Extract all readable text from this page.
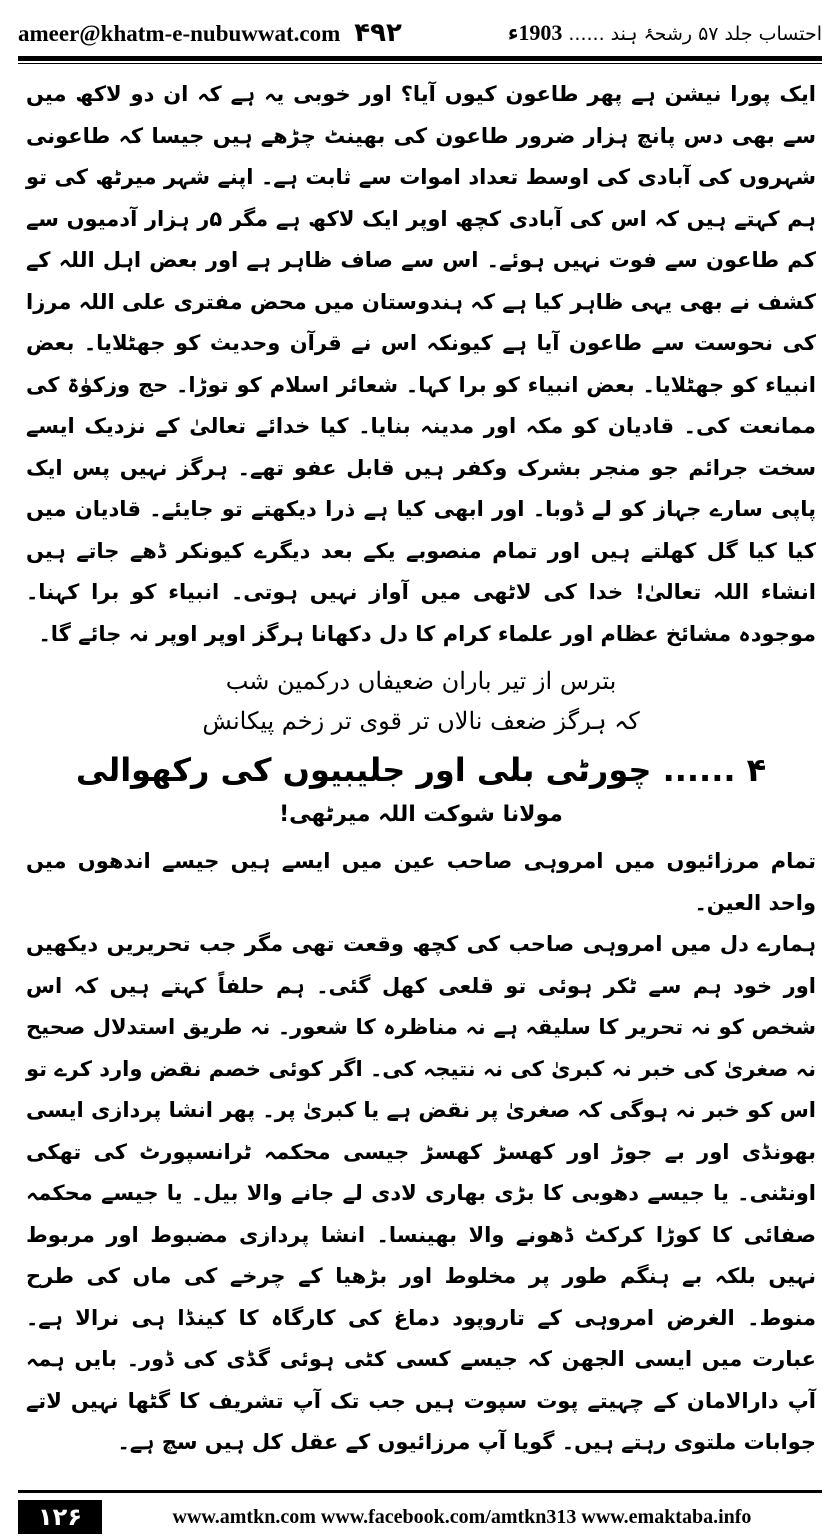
ameer@khatm-e-nubuwwat.com ۴۹۲	احتساب جلد ۵۷ رشحۂ ہند ......
1903ء

ایک پورا نیشن ہے پھر طاعون کیوں آیا؟ اور خوبی یہ ہے کہ ان دو لاکھ میں سے بھی دس پانچ ہزار ضرور طاعون کی بھینٹ چڑھے ہیں جیسا کہ طاعونی شہروں کی آبادی کی اوسط تعداد اموات سے ثابت ہے۔ اپنے شہر میرٹھ کی تو ہم کہتے ہیں کہ اس کی آبادی کچھ اوپر ایک لاکھ ہے مگر ۵ر ہزار آدمیوں سے کم طاعون سے فوت نہیں ہوئے۔ اس سے صاف ظاہر ہے اور بعض اہل اللہ کے کشف نے بھی یہی ظاہر کیا ہے کہ ہندوستان میں محض مفتری علی اللہ مرزا کی نحوست سے طاعون آیا ہے کیونکہ اس نے قرآن وحدیث کو جھٹلایا۔ بعض انبیاء کو جھٹلایا۔ بعض انبیاء کو برا کہا۔ شعائر اسلام کو توڑا۔ حج وزکوٰۃ کی ممانعت کی۔ قادیان کو مکہ اور مدینہ بنایا۔ کیا خدائے تعالیٰ کے نزدیک ایسے سخت جرائم جو منجر بشرک وکفر ہیں قابل عفو تھے۔ ہرگز نہیں پس ایک پاپی سارے جہاز کو لے ڈوبا۔ اور ابھی کیا ہے ذرا دیکھتے تو جایئے۔ قادیان میں کیا کیا گل کھلتے ہیں اور تمام منصوبے یکے بعد دیگرے کیونکر ڈھے جاتے ہیں انشاء اللہ تعالیٰ! خدا کی لاٹھی میں آواز نہیں ہوتی۔ انبیاء کو برا کہنا۔ موجودہ مشائخ عظام اور علماء کرام کا دل دکھانا ہرگز اوپر اوپر نہ جائے گا۔

بترس از تیر باران ضعیفاں درکمین شب
کہ ہرگز ضعف نالاں تر قوی تر زخم پیکانش
۴ ...... چورٹی بلی اور جلیبیوں کی رکھوالی
مولانا شوکت اللہ میرٹھی!

تمام مرزائیوں میں امروہی صاحب عین میں ایسے ہیں جیسے اندھوں میں واحد العین۔

ہمارے دل میں امروہی صاحب کی کچھ وقعت تھی مگر جب تحریریں دیکھیں اور خود ہم سے ٹکر ہوئی تو قلعی کھل گئی۔ ہم حلفاً کہتے ہیں کہ اس شخص کو نہ تحریر کا سلیقہ ہے نہ مناظرہ کا شعور۔ نہ طریق استدلال صحیح نہ صغریٰ کی خبر نہ کبریٰ کی نہ نتیجہ کی۔ اگر کوئی خصم نقض وارد کرے تو اس کو خبر نہ ہوگی کہ صغریٰ پر نقض ہے یا کبریٰ پر۔ پھر انشا پردازی ایسی بھونڈی اور بے جوڑ اور کھسڑ کھسڑ جیسی محکمہ ٹرانسپورٹ کی تھکی اونٹنی۔ یا جیسے دھوبی کا بڑی بھاری لادی لے جانے والا بیل۔ یا جیسے محکمہ صفائی کا کوڑا کرکٹ ڈھونے والا بھینسا۔ انشا پردازی مضبوط اور مربوط نہیں بلکہ بے ہنگم طور پر مخلوط اور بڑھیا کے چرخے کی ماں کی طرح منوط۔ الغرض امروہی کے تاروپود دماغ کی کارگاہ کا کینڈا ہی نرالا ہے۔ عبارت میں ایسی الجھن کہ جیسے کسی کٹی ہوئی گڈی کی ڈور۔ بایں ہمہ آپ دارالامان کے چہیتے پوت سپوت ہیں جب تک آپ تشریف کا گٹھا نہیں لاتے جوابات ملتوی رہتے ہیں۔ گویا آپ مرزائیوں کے عقل کل ہیں سچ ہے۔

۱۲۶	www.amtkn.com www.facebook.com/amtkn313 www.emaktaba.info
